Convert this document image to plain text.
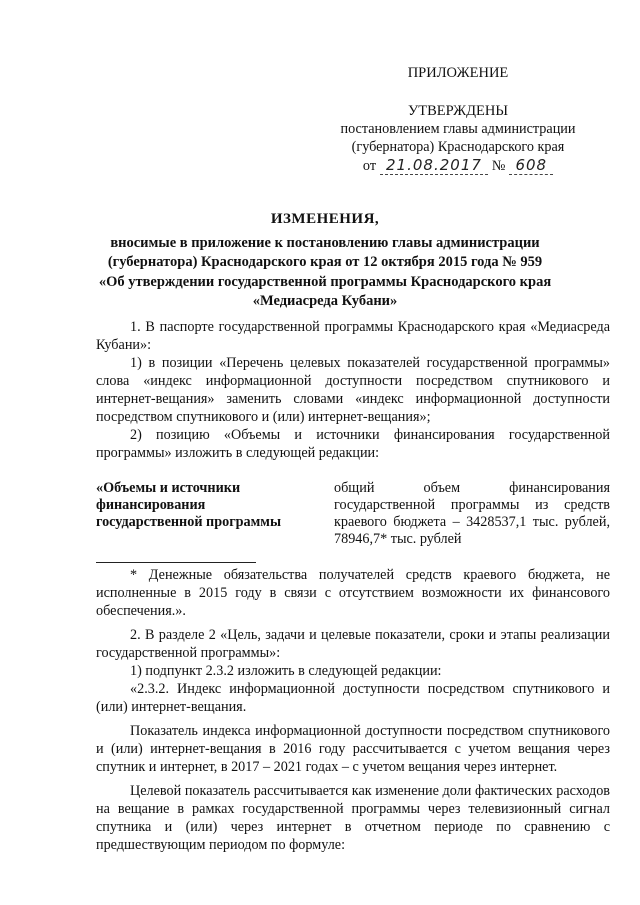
ПРИЛОЖЕНИЕ
УТВЕРЖДЕНЫ
постановлением главы администрации
(губернатора) Краснодарского края
от 21.08.2017 № 608
ИЗМЕНЕНИЯ,
вносимые в приложение к постановлению главы администрации
(губернатора) Краснодарского края от 12 октября 2015 года № 959
«Об утверждении государственной программы Краснодарского края
«Медиасреда Кубани»

1. В паспорте государственной программы Краснодарского края «Медиасреда Кубани»:

1) в позиции «Перечень целевых показателей государственной программы» слова «индекс информационной доступности посредством спутникового и интернет-вещания» заменить словами «индекс информационной доступности посредством спутникового и (или) интернет-вещания»;

2) позицию «Объемы и источники финансирования государственной программы» изложить в следующей редакции:

«Объемы и источники финансирования государственной программы
общий объем финансирования государственной программы из средств краевого бюджета – 3428537,1 тыс. рублей, 78946,7* тыс. рублей

* Денежные обязательства получателей средств краевого бюджета, не исполненные в 2015 году в связи с отсутствием возможности их финансового обеспечения.».

2. В разделе 2 «Цель, задачи и целевые показатели, сроки и этапы реализации государственной программы»:

1) подпункт 2.3.2 изложить в следующей редакции:

«2.3.2. Индекс информационной доступности посредством спутникового и (или) интернет-вещания.

Показатель индекса информационной доступности посредством спутникового и (или) интернет-вещания в 2016 году рассчитывается с учетом вещания через спутник и интернет, в 2017 – 2021 годах – с учетом вещания через интернет.

Целевой показатель рассчитывается как изменение доли фактических расходов на вещание в рамках государственной программы через телевизионный сигнал спутника и (или) через интернет в отчетном периоде по сравнению с предшествующим периодом по формуле:
